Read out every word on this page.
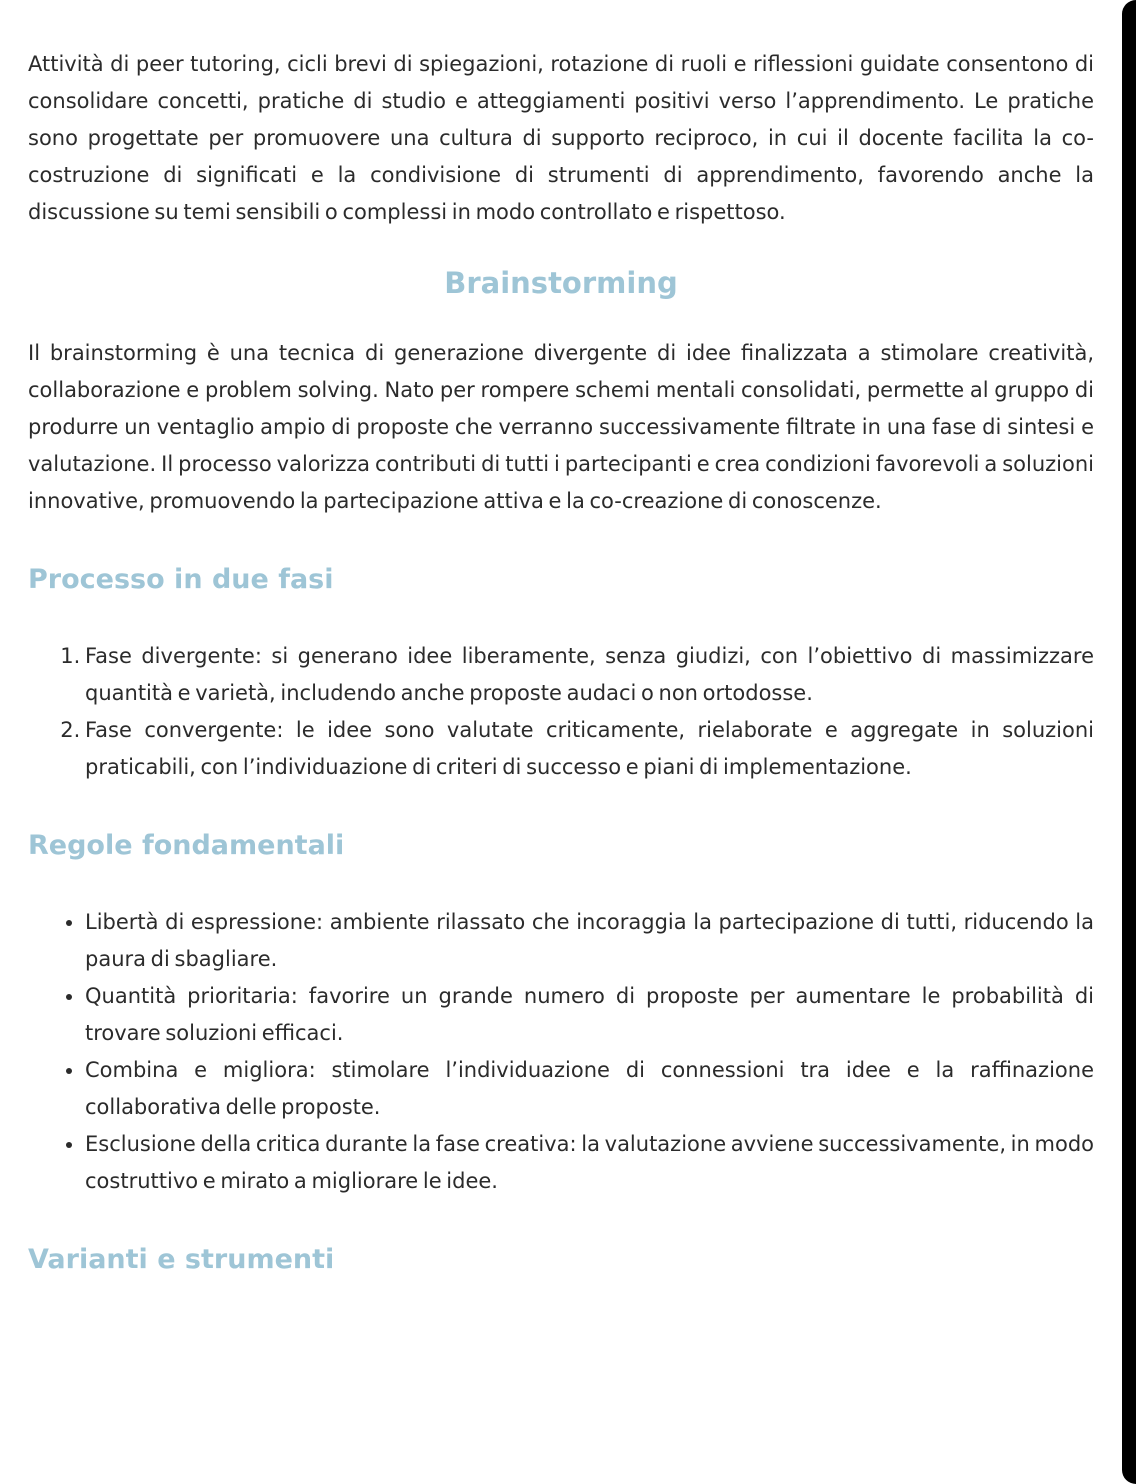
Attività di peer tutoring, cicli brevi di spiegazioni, rotazione di ruoli e riflessioni guidate consentono di consolidare concetti, pratiche di studio e atteggiamenti positivi verso l’apprendimento. Le pratiche sono progettate per promuovere una cultura di supporto reciproco, in cui il docente facilita la co-costruzione di significati e la condivisione di strumenti di apprendimento, favorendo anche la discussione su temi sensibili o complessi in modo controllato e rispettoso.

Brainstorming

Il brainstorming è una tecnica di generazione divergente di idee finalizzata a stimolare creatività, collaborazione e problem solving. Nato per rompere schemi mentali consolidati, permette al gruppo di produrre un ventaglio ampio di proposte che verranno successivamente filtrate in una fase di sintesi e valutazione. Il processo valorizza contributi di tutti i partecipanti e crea condizioni favorevoli a soluzioni innovative, promuovendo la partecipazione attiva e la co-creazione di conoscenze.

Processo in due fasi
1. Fase divergente: si generano idee liberamente, senza giudizi, con l’obiettivo di massimizzare quantità e varietà, includendo anche proposte audaci o non ortodosse.
2. Fase convergente: le idee sono valutate criticamente, rielaborate e aggregate in soluzioni praticabili, con l’individuazione di criteri di successo e piani di implementazione.
Regole fondamentali
• Libertà di espressione: ambiente rilassato che incoraggia la partecipazione di tutti, riducendo la paura di sbagliare.
• Quantità prioritaria: favorire un grande numero di proposte per aumentare le probabilità di trovare soluzioni efficaci.
• Combina e migliora: stimolare l’individuazione di connessioni tra idee e la raffinazione collaborativa delle proposte.
• Esclusione della critica durante la fase creativa: la valutazione avviene successivamente, in modo costruttivo e mirato a migliorare le idee.
Varianti e strumenti
